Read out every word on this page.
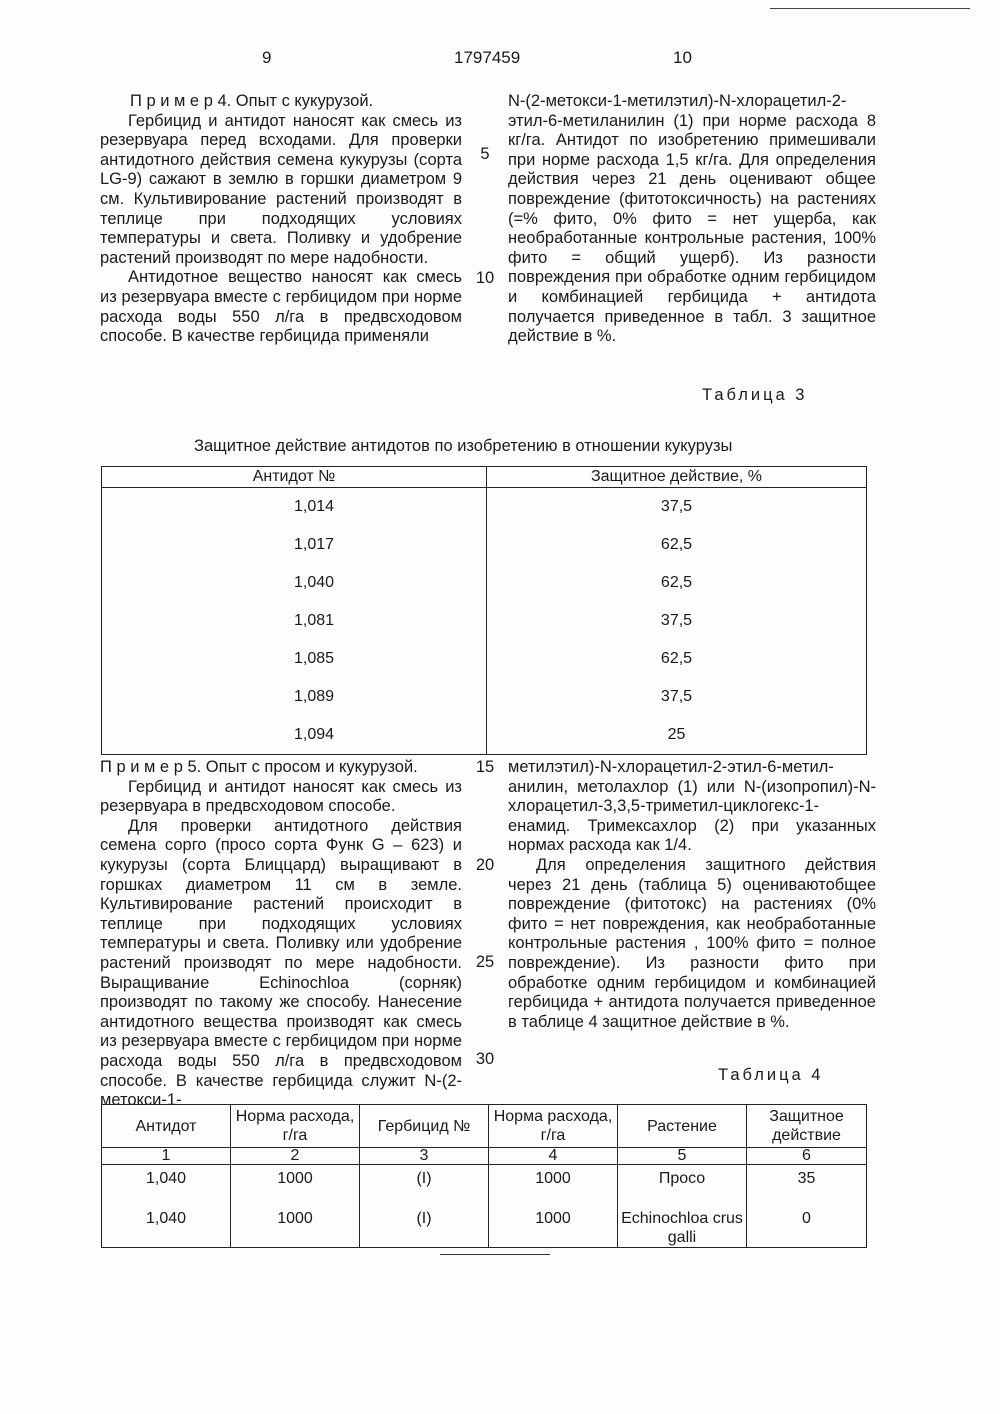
9	1797459	10

П р и м е р 4. Опыт с кукурузой.

Гербицид и антидот наносят как смесь из резервуара перед всходами. Для проверки антидотного действия семена кукурузы (сорта LG-9) сажают в землю в горшки диаметром 9 см. Культивирование растений производят в теплице при подходящих условиях температуры и света. Поливку и удобрение растений производят по мере надобности.

Антидотное вещество наносят как смесь из резервуара вместе с гербицидом при норме расхода воды 550 л/га в предвсходовом способе. В качестве гербицида применяли

5
10

N-(2-метокси-1-метилэтил)-N-хлорацетил-2-этил-6-метиланилин (1) при норме расхода 8 кг/га. Антидот по изобретению примешивали при норме расхода 1,5 кг/га. Для определения действия через 21 день оценивают общее повреждение (фитотоксичность) на растениях (=% фито, 0% фито = нет ущерба, как необработанные контрольные растения, 100% фито = общий ущерб). Из разности повреждения при обработке одним гербицидом и комбинацией гербицида + антидота получается приведенное в табл. 3 защитное действие в %.

Таблица 3
Защитное действие антидотов по изобретению в отношении кукурузы
Антидот №	Защитное действие, %
1,014	37,5
1,017	62,5
1,040	62,5
1,081	37,5
1,085	62,5
1,089	37,5
1,094	25

П р и м е р 5. Опыт с просом и кукурузой.

Гербицид и антидот наносят как смесь из резервуара в предвсходовом способе.

Для проверки антидотного действия семена сорго (просо сорта Функ G – 623) и кукурузы (сорта Блиццард) выращивают в горшках диаметром 11 см в земле. Культивирование растений происходит в теплице при подходящих условиях температуры и света. Поливку или удобрение растений производят по мере надобности. Выращивание Echinochloa (сорняк) производят по такому же способу. Нанесение антидотного вещества производят как смесь из резервуара вместе с гербицидом при норме расхода воды 550 л/га в предвсходовом способе. В качестве гербицида служит N-(2-метокси-1-

15
20
25
30

метилэтил)-N-хлорацетил-2-этил-6-метил-анилин, метолахлор (1) или N-(изопропил)-N-хлорацетил-3,3,5-триметил-циклогекс-1-енамид. Тримексахлор (2) при указанных нормах расхода как 1/4.

Для определения защитного действия через 21 день (таблица 5) оцениваютобщее повреждение (фитотокс) на растениях (0% фито = нет повреждения, как необработанные контрольные растения , 100% фито = полное повреждение). Из разности фито при обработке одним гербицидом и комбинацией гербицида + антидота получается приведенное в таблице 4 защитное действие в %.

Таблица 4
Антидот	Норма расхода, г/га	Гербицид №	Норма расхода, г/га	Растение	Защитное действие
1	2	3	4	5	6
1,040	1000	(I)	1000	Просо	35
1,040	1000	(I)	1000	Echinochloa crus galli	0
